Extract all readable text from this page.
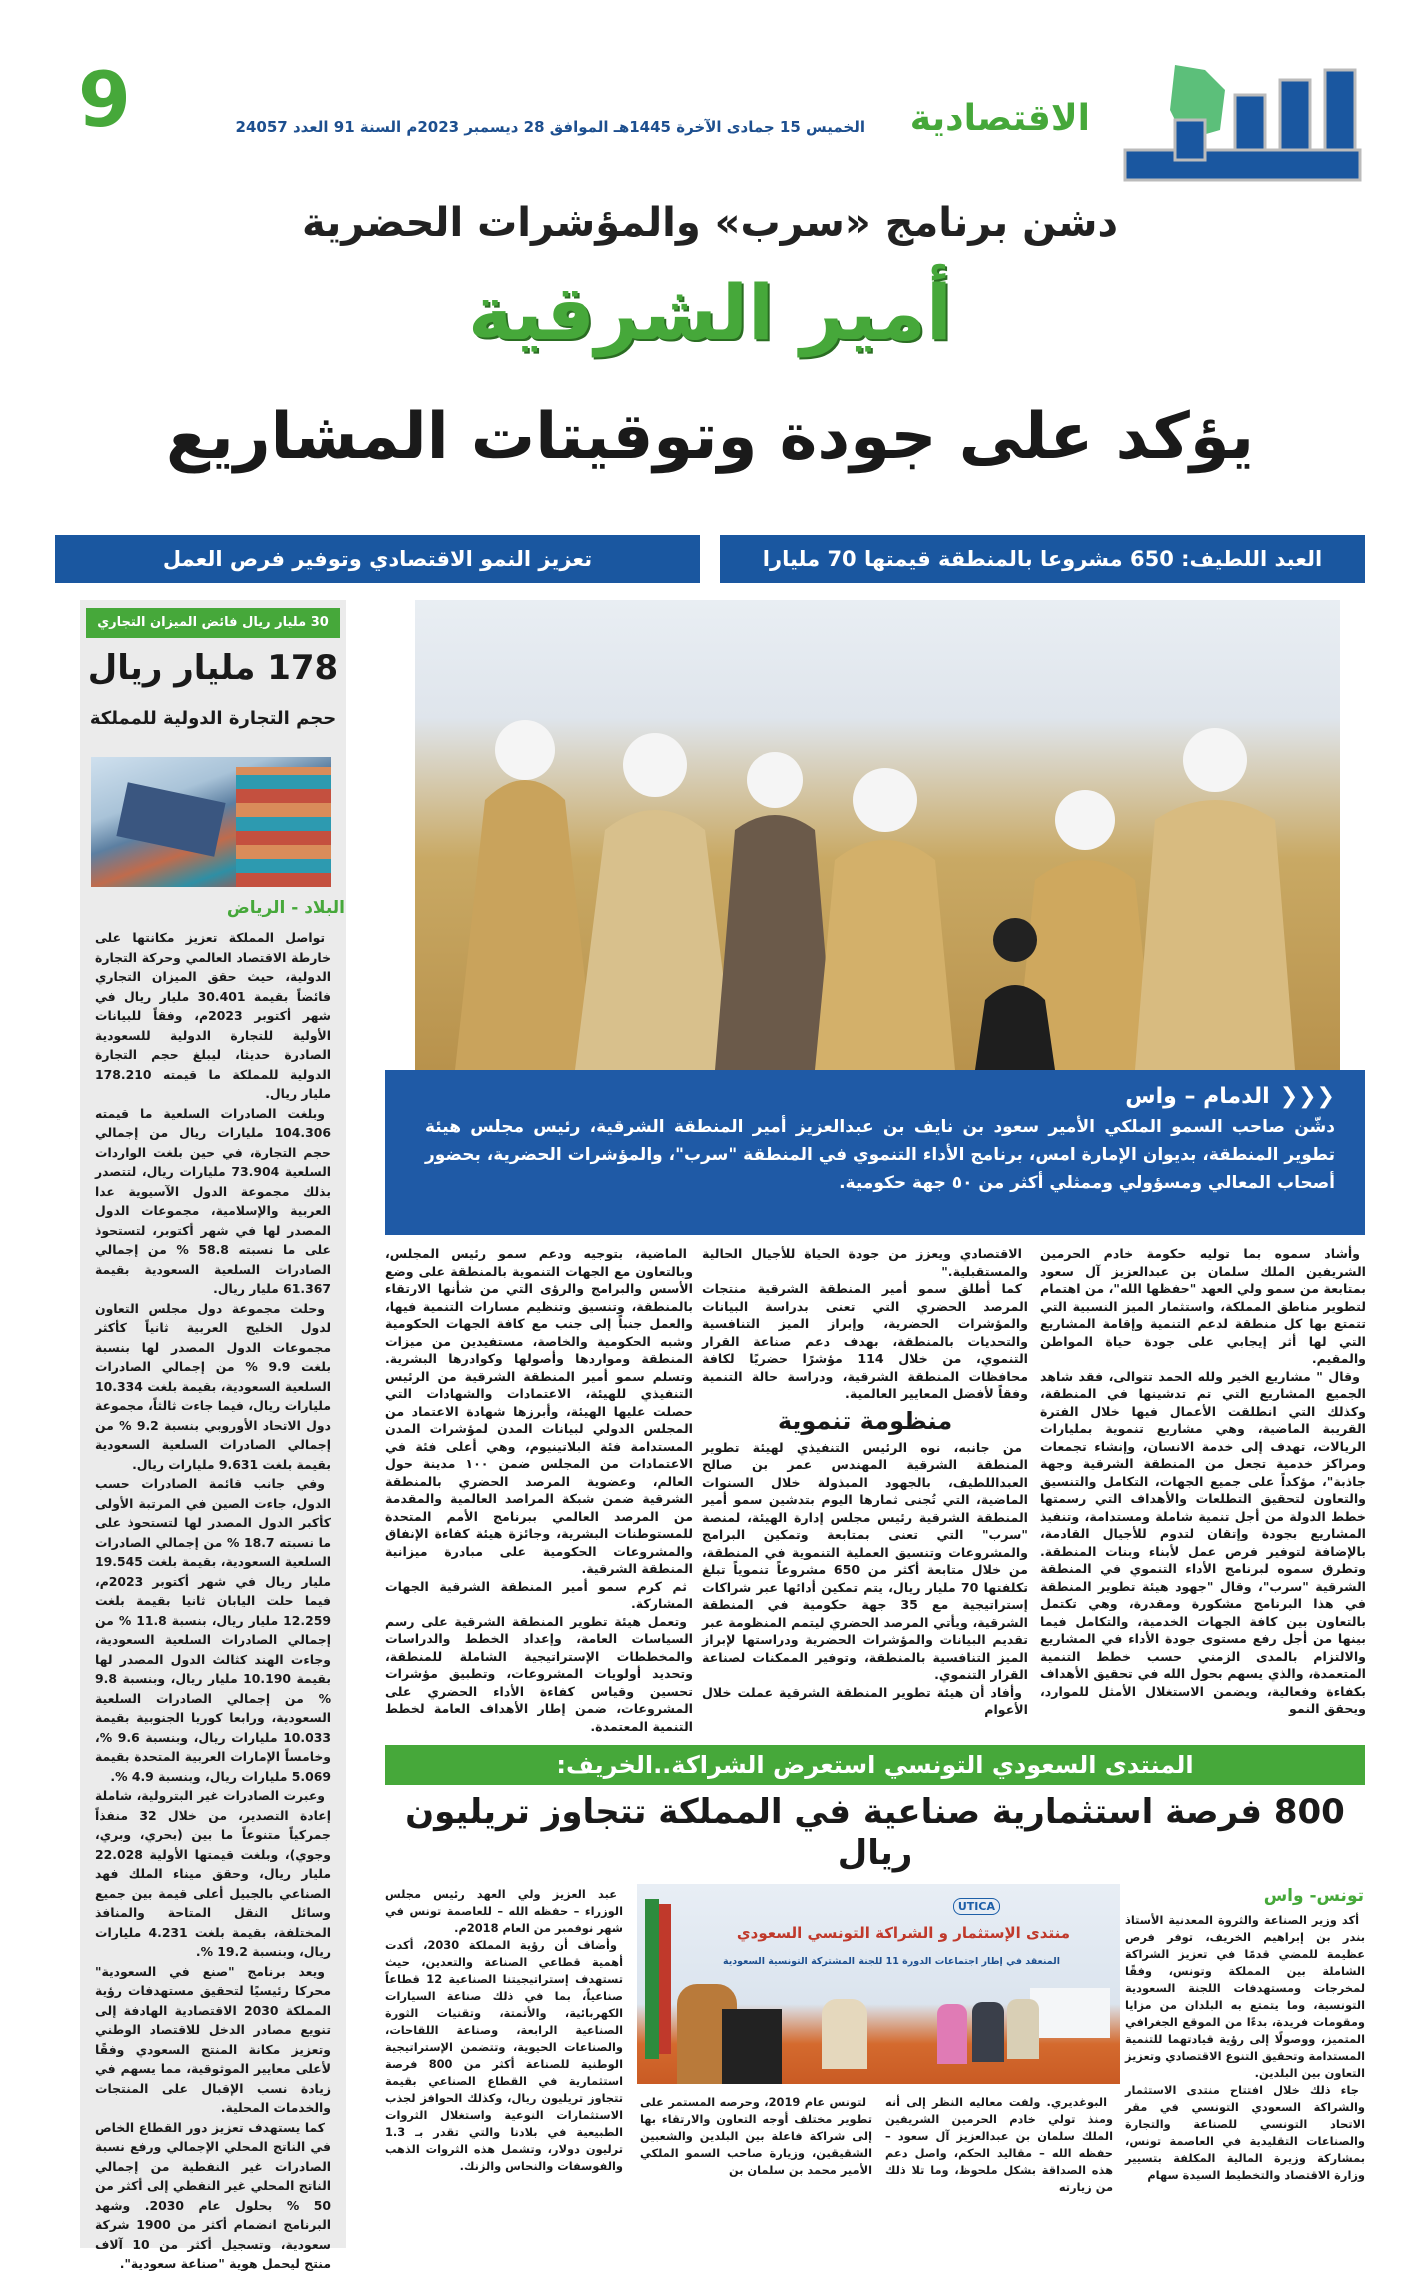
الاقتصادية
الخميس 15 جمادى الآخرة 1445هـ الموافق 28 ديسمبر 2023م السنة 91 العدد 24057
9
دشن برنامج «سرب» والمؤشرات الحضرية
أمير الشرقية
يؤكد على جودة وتوقيتات المشاريع
العبد اللطيف: 650 مشروعا بالمنطقة قيمتها 70 مليارا
تعزيز النمو الاقتصادي وتوفير فرص العمل
30 مليار ريال فائض الميزان التجاري
178 مليار ريال
حجم التجارة الدولية للمملكة
البلاد - الرياض

تواصل المملكة تعزيز مكانتها على خارطة الاقتصاد العالمي وحركة التجارة الدولية، حيث حقق الميزان التجاري فائضاً بقيمة 30.401 مليار ريال في شهر أكتوبر 2023م، وفقاً للبيانات الأولية للتجارة الدولية للسعودية الصادرة حديثا، ليبلغ حجم التجارة الدولية للمملكة ما قيمته 178.210 مليار ريال.

وبلغت الصادرات السلعية ما قيمته 104.306 مليارات ريال من إجمالي حجم التجارة، في حين بلغت الواردات السلعية 73.904 مليارات ريال، لتتصدر بذلك مجموعة الدول الآسيوية عدا العربية والإسلامية، مجموعات الدول المصدر لها في شهر أكتوبر، لتستحوذ على ما نسبته 58.8 % من إجمالي الصادرات السلعية السعودية بقيمة 61.367 مليار ريال.

وحلت مجموعة دول مجلس التعاون لدول الخليج العربية ثانياً كأكثر مجموعات الدول المصدر لها بنسبة بلغت 9.9 % من إجمالي الصادرات السلعية السعودية، بقيمة بلغت 10.334 مليارات ريال، فيما جاءت ثالثاً، مجموعة دول الاتحاد الأوروبي بنسبة 9.2 % من إجمالي الصادرات السلعية السعودية بقيمة بلغت 9.631 مليارات ريال.

وفي جانب قائمة الصادرات حسب الدول، جاءت الصين في المرتبة الأولى كأكبر الدول المصدر لها لتستحوذ على ما نسبته 18.7 % من إجمالي الصادرات السلعية السعودية، بقيمة بلغت 19.545 مليار ريال في شهر أكتوبر 2023م، فيما حلت اليابان ثانيا بقيمة بلغت 12.259 مليار ريال، بنسبة 11.8 % من إجمالي الصادرات السلعية السعودية، وجاءت الهند كثالث الدول المصدر لها بقيمة 10.190 مليار ريال، وبنسبة 9.8 % من إجمالي الصادرات السلعية السعودية، ورابعا كوريا الجنوبية بقيمة 10.033 مليارات ريال، وبنسبة 9.6 %، وخامساً الإمارات العربية المتحدة بقيمة 5.069 مليارات ريال، وبنسبة 4.9 %.

وعبرت الصادرات غير البترولية، شاملة إعادة التصدير، من خلال 32 منفذاً جمركياً متنوعاً ما بين (بحري، وبري، وجوي)، وبلغت قيمتها الأولية 22.028 مليار ريال، وحقق ميناء الملك فهد الصناعي بالجبيل أعلى قيمة بين جميع وسائل النقل المتاحة والمنافذ المختلفة، بقيمة بلغت 4.231 مليارات ريال، وبنسبة 19.2 %.

ويعد برنامج "صنع في السعودية" محركا رئيسيًا لتحقيق مستهدفات رؤية المملكة 2030 الاقتصادية الهادفة إلى تنويع مصادر الدخل للاقتصاد الوطني وتعزيز مكانة المنتج السعودي وفقًا لأعلى معايير الموثوقية، مما يسهم في زيادة نسب الإقبال على المنتجات والخدمات المحلية.

كما يستهدف تعزيز دور القطاع الخاص في الناتج المحلي الإجمالي ورفع نسبة الصادرات غير النفطية من إجمالي الناتج المحلي غير النفطي إلى أكثر من 50 % بحلول عام 2030. وشهد البرنامج انضمام أكثر من 1900 شركة سعودية، وتسجيل أكثر من 10 آلاف منتج ليحمل هوية "صناعة سعودية".

❮❮❮الدمام – واس
دشّن صاحب السمو الملكي الأمير سعود بن نايف بن عبدالعزيز أمير المنطقة الشرقية، رئيس مجلس هيئة تطوير المنطقة، بديوان الإمارة امس، برنامج الأداء التنموي في المنطقة "سرب"، والمؤشرات الحضرية، بحضور أصحاب المعالي ومسؤولي وممثلي أكثر من ٥٠ جهة حكومية.

وأشاد سموه بما توليه حكومة خادم الحرمين الشريفين الملك سلمان بن عبدالعزيز آل سعود بمتابعة من سمو ولي العهد "حفظها الله"، من اهتمام لتطوير مناطق المملكة، واستثمار الميز النسبية التي تتمتع بها كل منطقة لدعم التنمية وإقامة المشاريع التي لها أثر إيجابي على جودة حياة المواطن والمقيم.

وقال " مشاريع الخير ولله الحمد تتوالى، فقد شاهد الجميع المشاريع التي تم تدشينها في المنطقة، وكذلك التي انطلقت الأعمال فيها خلال الفترة القريبة الماضية، وهي مشاريع تنموية بمليارات الريالات، تهدف إلى خدمة الانسان، وإنشاء تجمعات ومراكز خدمية تجعل من المنطقة الشرقية وجهة جاذبة"، مؤكداً على جميع الجهات، التكامل والتنسيق والتعاون لتحقيق التطلعات والأهداف التي رسمتها خطط الدولة من أجل تنمية شاملة ومستدامة، وتنفيذ المشاريع بجودة وإتقان لتدوم للأجيال القادمة، بالإضافة لتوفير فرص عمل لأبناء وبنات المنطقة. وتطرق سموه لبرنامج الأداء التنموي في المنطقة الشرقية "سرب"، وقال "جهود هيئة تطوير المنطقة في هذا البرنامج مشكورة ومقدرة، وهي تكتمل بالتعاون بين كافة الجهات الخدمية، والتكامل فيما بينها من أجل رفع مستوى جودة الأداء في المشاريع والالتزام بالمدى الزمني حسب خطط التنمية المتعمدة، والذي يسهم بحول الله في تحقيق الأهداف بكفاءة وفعالية، ويضمن الاستغلال الأمثل للموارد، ويحقق النمو

الاقتصادي ويعزز من جودة الحياة للأجيال الحالية والمستقبلية."

كما أطلق سمو أمير المنطقة الشرقية منتجات المرصد الحضري التي تعنى بدراسة البيانات والمؤشرات الحضرية، وإبراز الميز التنافسية والتحديات بالمنطقة، بهدف دعم صناعة القرار التنموي، من خلال 114 مؤشرًا حضريًا لكافة محافظات المنطقة الشرقية، ودراسة حالة التنمية وفقاً لأفضل المعايير العالمية.

منظومة تنموية

من جانبه، نوه الرئيس التنفيذي لهيئة تطوير المنطقة الشرقية المهندس عمر بن صالح العبداللطيف، بالجهود المبذولة خلال السنوات الماضية، التي تُجنى ثمارها اليوم بتدشين سمو أمير المنطقة الشرقية رئيس مجلس إدارة الهيئة، لمنصة "سرب" التي تعنى بمتابعة وتمكين البرامج والمشروعات وتنسيق العملية التنموية في المنطقة، من خلال متابعة أكثر من 650 مشروعاً تنموياً تبلغ تكلفتها 70 مليار ريال، يتم تمكين أدائها عبر شراكات إستراتيجية مع 35 جهة حكومية في المنطقة الشرقية، ويأتي المرصد الحضري ليتمم المنظومة عبر تقديم البيانات والمؤشرات الحضرية ودراستها لإبراز الميز التنافسية بالمنطقة، وتوفير الممكنات لصناعة القرار التنموي.

وأفاد أن هيئة تطوير المنطقة الشرقية عملت خلال الأعوام

الماضية، بتوجيه ودعم سمو رئيس المجلس، وبالتعاون مع الجهات التنموية بالمنطقة على وضع الأسس والبرامج والرؤى التي من شأنها الارتقاء بالمنطقة، وتنسيق وتنظيم مسارات التنمية فيها، والعمل جنباً إلى جنب مع كافة الجهات الحكومية وشبه الحكومية والخاصة، مستفيدين من ميزات المنطقة ومواردها وأصولها وكوادرها البشرية. وتسلم سمو أمير المنطقة الشرقية من الرئيس التنفيذي للهيئة، الاعتمادات والشهادات التي حصلت عليها الهيئة، وأبرزها شهادة الاعتماد من المجلس الدولي لبيانات المدن لمؤشرات المدن المستدامة فئة البلاتينيوم، وهي أعلى فئة في الاعتمادات من المجلس ضمن ١٠٠ مدينة حول العالم، وعضوية المرصد الحضري بالمنطقة الشرقية ضمن شبكة المراصد العالمية والمقدمة من المرصد العالمي ببرنامج الأمم المتحدة للمستوطنات البشرية، وجائزة هيئة كفاءة الإنفاق والمشروعات الحكومية على مبادرة ميزانية المنطقة الشرقية.

ثم كرم سمو أمير المنطقة الشرقية الجهات المشاركة.

وتعمل هيئة تطوير المنطقة الشرقية على رسم السياسات العامة، وإعداد الخطط والدراسات والمخططات الإستراتيجية الشاملة للمنطقة، وتحديد أولويات المشروعات، وتطبيق مؤشرات تحسين وقياس كفاءة الأداء الحضري على المشروعات، ضمن إطار الأهداف العامة لخطط التنمية المعتمدة.

المنتدى السعودي التونسي استعرض الشراكة..الخريف:
800 فرصة استثمارية صناعية في المملكة تتجاوز تريليون ريال
تونس- واس

أكد وزير الصناعة والثروة المعدنية الأستاذ بندر بن إبراهيم الخريف، توفر فرص عظيمة للمضي قدمًا في تعزيز الشراكة الشاملة بين المملكة وتونس، وفقًا لمخرجات ومستهدفات اللجنة السعودية التونسية، وما يتمتع به البلدان من مزايا ومقومات فريدة، بدءًا من الموقع الجغرافي المتميز، ووصولًا إلى رؤية قيادتهما للتنمية المستدامة وتحقيق التنوع الاقتصادي وتعزيز التعاون بين البلدين.

جاء ذلك خلال افتتاح منتدى الاستثمار والشراكة السعودي التونسي في مقر الاتحاد التونسي للصناعة والتجارة والصناعات التقليدية في العاصمة تونس، بمشاركة وزيرة المالية المكلفة بتسيير وزارة الاقتصاد والتخطيط السيدة سهام

UTICA
منتدى الإستثمار و الشراكة التونسي السعودي
المنعقد في إطار اجتماعات الدورة 11 للجنة المشتركة التونسية السعودية

البوغديري. ولفت معاليه النظر إلى أنه ومنذ تولي خادم الحرمين الشريفين الملك سلمان بن عبدالعزيز آل سعود – حفظه الله – مقاليد الحكم، واصل دعم هذه الصداقة بشكل ملحوظ، وما تلا ذلك من زيارته

لتونس عام 2019، وحرصه المستمر على تطوير مختلف أوجه التعاون والارتقاء بها إلى شراكة فاعلة بين البلدين والشعبين الشقيقين، وزيارة صاحب السمو الملكي الأمير محمد بن سلمان بن

عبد العزيز ولي العهد رئيس مجلس الوزراء – حفظه الله – للعاصمة تونس في شهر نوفمبر من العام 2018م.

وأضاف أن رؤية المملكة 2030، أكدت أهمية قطاعي الصناعة والتعدين، حيث تستهدف إستراتيجيتنا الصناعية 12 قطاعاً صناعياً، بما في ذلك صناعة السيارات الكهربائية، والأتمتة، وتقنيات الثورة الصناعية الرابعة، وصناعة اللقاحات، والصناعات الحيوية، وتتضمن الإستراتيجية الوطنية للصناعة أكثر من 800 فرصة استثمارية في القطاع الصناعي بقيمة تتجاوز تريليون ريال، وكذلك الحوافز لجذب الاستثمارات النوعية واستغلال الثروات الطبيعية في بلادنا والتي تقدر بـ 1.3 ترليون دولار، وتشمل هذه الثروات الذهب والفوسفات والنحاس والزنك.
